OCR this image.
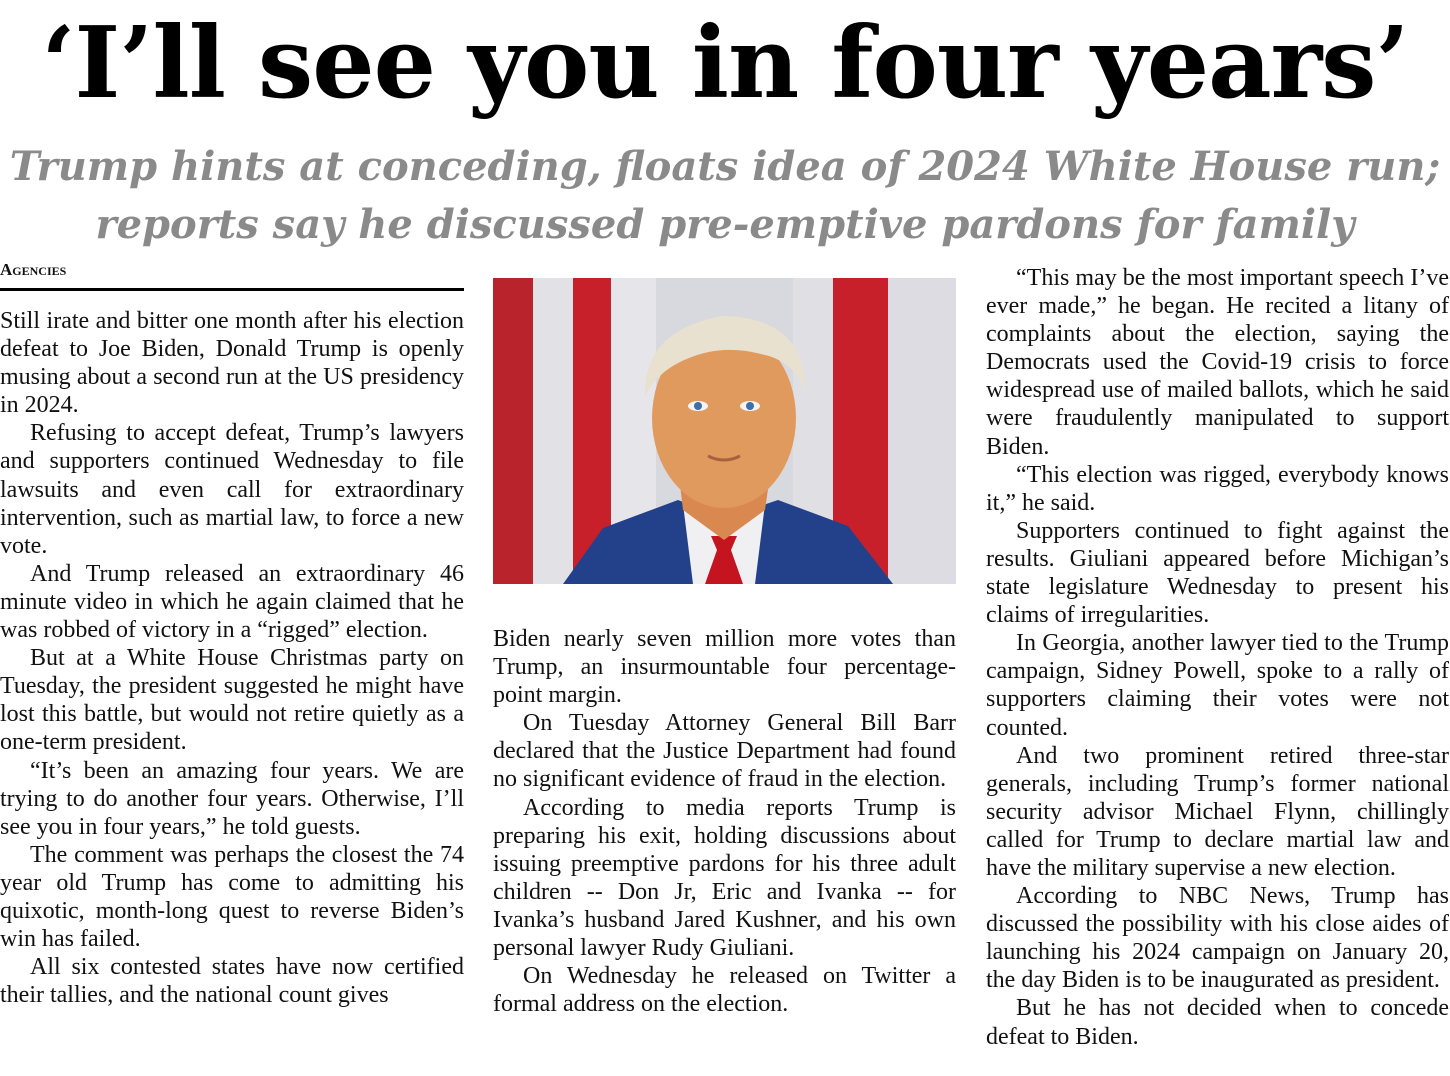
‘I’ll see you in four years’
Trump hints at conceding, floats idea of 2024 White House run;
reports say he discussed pre-emptive pardons for family
Agencies

Still irate and bitter one month after his election defeat to Joe Biden, Donald Trump is openly musing about a second run at the US presidency in 2024.

Refusing to accept defeat, Trump’s lawyers and supporters continued Wednesday to file lawsuits and even call for extraordinary intervention, such as martial law, to force a new vote.

And Trump released an extraordinary 46 minute video in which he again claimed that he was robbed of victory in a “rigged” election.

But at a White House Christmas party on Tuesday, the president suggested he might have lost this battle, but would not retire quietly as a one-term president.

“It’s been an amazing four years. We are trying to do another four years. Otherwise, I’ll see you in four years,” he told guests.

The comment was perhaps the closest the 74 year old Trump has come to admitting his quixotic, month-long quest to reverse Biden’s win has failed.

All six contested states have now certified their tallies, and the national count gives

Biden nearly seven million more votes than Trump, an insurmountable four percentage-point margin.

On Tuesday Attorney General Bill Barr declared that the Justice Department had found no significant evidence of fraud in the election.

According to media reports Trump is preparing his exit, holding discussions about issuing preemptive pardons for his three adult children -- Don Jr, Eric and Ivanka -- for Ivanka’s husband Jared Kushner, and his own personal lawyer Rudy Giuliani.

On Wednesday he released on Twitter a formal address on the election.

“This may be the most important speech I’ve ever made,” he began. He recited a litany of complaints about the election, saying the Democrats used the Covid-19 crisis to force widespread use of mailed ballots, which he said were fraudulently manipulated to support Biden.

“This election was rigged, everybody knows it,” he said.

Supporters continued to fight against the results. Giuliani appeared before Michigan’s state legislature Wednesday to present his claims of irregularities.

In Georgia, another lawyer tied to the Trump campaign, Sidney Powell, spoke to a rally of supporters claiming their votes were not counted.

And two prominent retired three-star generals, including Trump’s former national security advisor Michael Flynn, chillingly called for Trump to declare martial law and have the military supervise a new election.

According to NBC News, Trump has discussed the possibility with his close aides of launching his 2024 campaign on January 20, the day Biden is to be inaugurated as president.

But he has not decided when to concede defeat to Biden.
